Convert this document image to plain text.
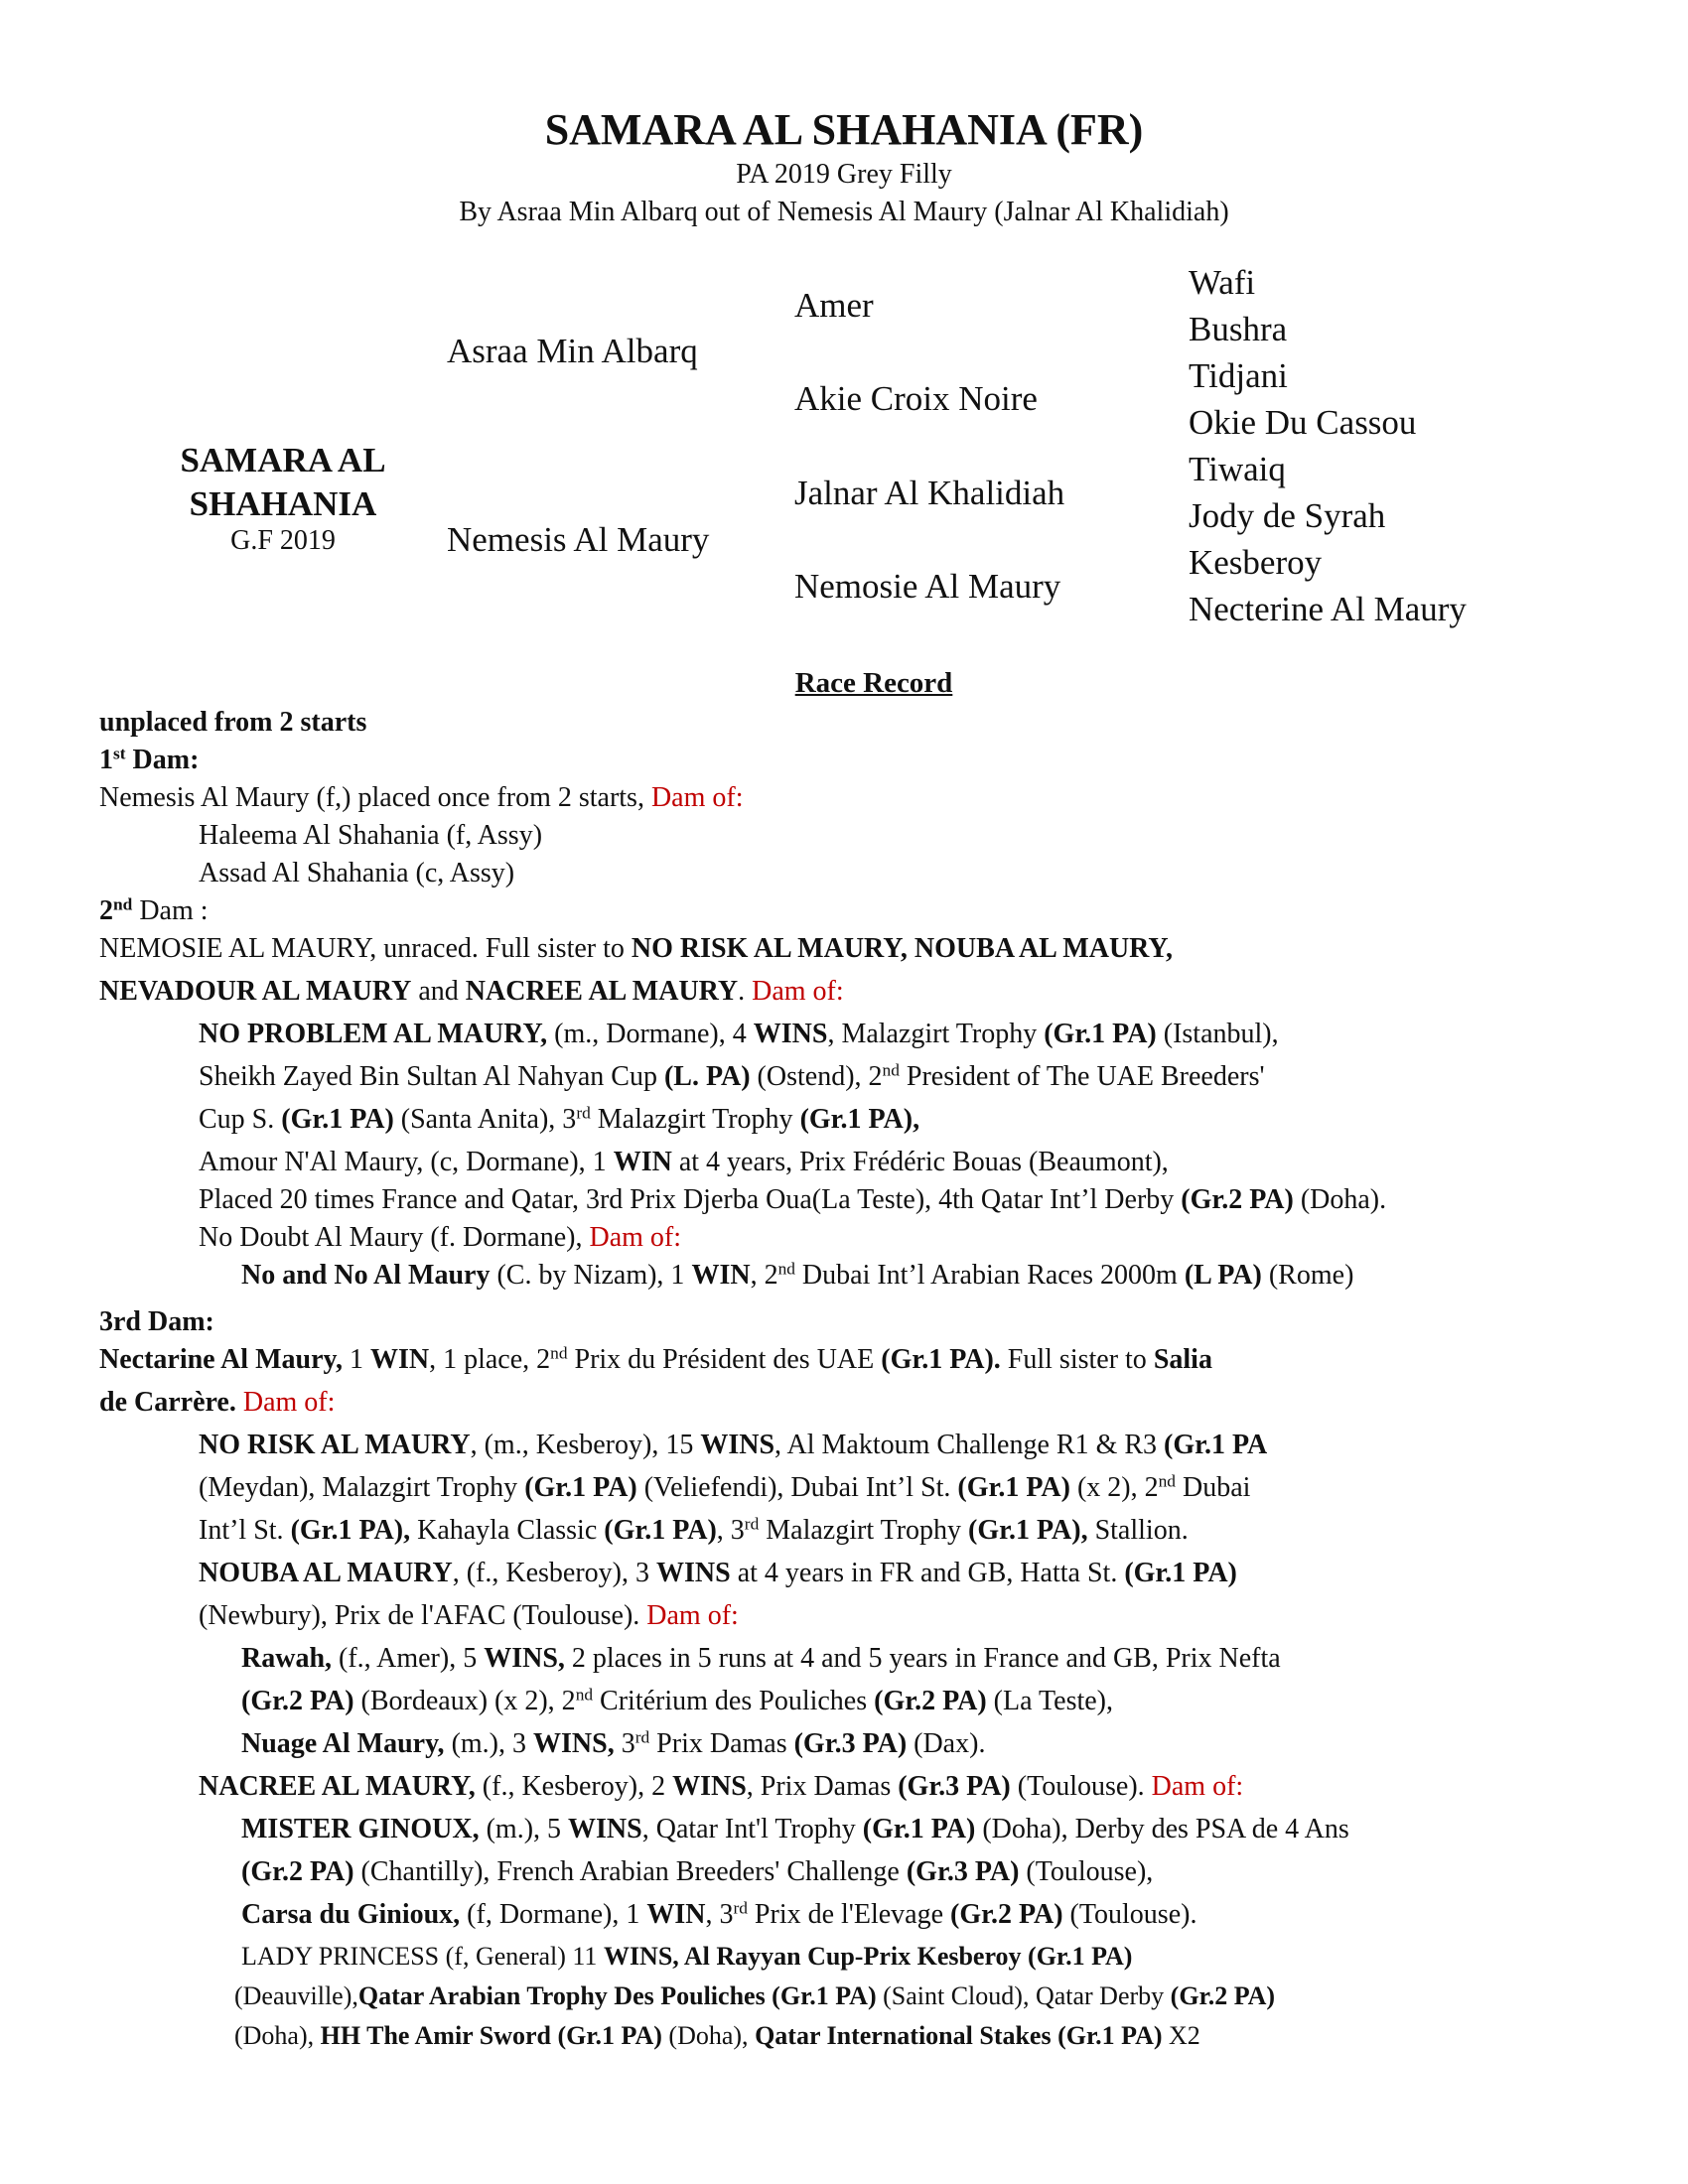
SAMARA AL SHAHANIA (FR)
PA 2019 Grey Filly
By Asraa Min Albarq out of Nemesis Al Maury (Jalnar Al Khalidiah)
SAMARA AL
SHAHANIA
G.F 2019
Asraa Min Albarq
Nemesis Al Maury
Amer
Akie Croix Noire
Jalnar Al Khalidiah
Nemosie Al Maury
Wafi
Bushra
Tidjani
Okie Du Cassou
Tiwaiq
Jody de Syrah
Kesberoy
Necterine Al Maury
Race Record
unplaced from 2 starts
1st Dam:
Nemesis Al Maury (f,) placed once from 2 starts, Dam of:
Haleema Al Shahania (f, Assy)
Assad Al Shahania (c, Assy)
2nd Dam :
NEMOSIE AL MAURY, unraced. Full sister to NO RISK AL MAURY, NOUBA AL MAURY,
NEVADOUR AL MAURY and NACREE AL MAURY. Dam of:
NO PROBLEM AL MAURY, (m., Dormane), 4 WINS, Malazgirt Trophy (Gr.1 PA) (Istanbul),
Sheikh Zayed Bin Sultan Al Nahyan Cup (L. PA) (Ostend), 2nd President of The UAE Breeders'
Cup S. (Gr.1 PA) (Santa Anita), 3rd Malazgirt Trophy (Gr.1 PA),
Amour N'Al Maury, (c, Dormane), 1 WIN at 4 years, Prix Frédéric Bouas (Beaumont),
Placed 20 times France and Qatar, 3rd Prix Djerba Oua(La Teste), 4th Qatar Int’l Derby (Gr.2 PA) (Doha).
No Doubt Al Maury (f. Dormane), Dam of:
No and No Al Maury (C. by Nizam), 1 WIN, 2nd Dubai Int’l Arabian Races 2000m (L PA) (Rome)
3rd Dam:
Nectarine Al Maury, 1 WIN, 1 place, 2nd Prix du Président des UAE (Gr.1 PA). Full sister to Salia
de Carrère. Dam of:
NO RISK AL MAURY, (m., Kesberoy), 15 WINS, Al Maktoum Challenge R1 & R3 (Gr.1 PA
(Meydan), Malazgirt Trophy (Gr.1 PA) (Veliefendi), Dubai Int’l St. (Gr.1 PA) (x 2), 2nd Dubai
Int’l St. (Gr.1 PA), Kahayla Classic (Gr.1 PA), 3rd Malazgirt Trophy (Gr.1 PA), Stallion.
NOUBA AL MAURY, (f., Kesberoy), 3 WINS at 4 years in FR and GB, Hatta St. (Gr.1 PA)
(Newbury), Prix de l'AFAC (Toulouse). Dam of:
Rawah, (f., Amer), 5 WINS, 2 places in 5 runs at 4 and 5 years in France and GB, Prix Nefta
(Gr.2 PA) (Bordeaux) (x 2), 2nd Critérium des Pouliches (Gr.2 PA) (La Teste),
Nuage Al Maury, (m.), 3 WINS, 3rd Prix Damas (Gr.3 PA) (Dax).
NACREE AL MAURY, (f., Kesberoy), 2 WINS, Prix Damas (Gr.3 PA) (Toulouse). Dam of:
MISTER GINOUX, (m.), 5 WINS, Qatar Int'l Trophy (Gr.1 PA) (Doha), Derby des PSA de 4 Ans
(Gr.2 PA) (Chantilly), French Arabian Breeders' Challenge (Gr.3 PA) (Toulouse),
Carsa du Ginioux, (f, Dormane), 1 WIN, 3rd Prix de l'Elevage (Gr.2 PA) (Toulouse).
LADY PRINCESS (f, General) 11 WINS, Al Rayyan Cup-Prix Kesberoy (Gr.1 PA)
(Deauville),Qatar Arabian Trophy Des Pouliches (Gr.1 PA) (Saint Cloud), Qatar Derby (Gr.2 PA)
(Doha), HH The Amir Sword (Gr.1 PA) (Doha), Qatar International Stakes (Gr.1 PA) X2
